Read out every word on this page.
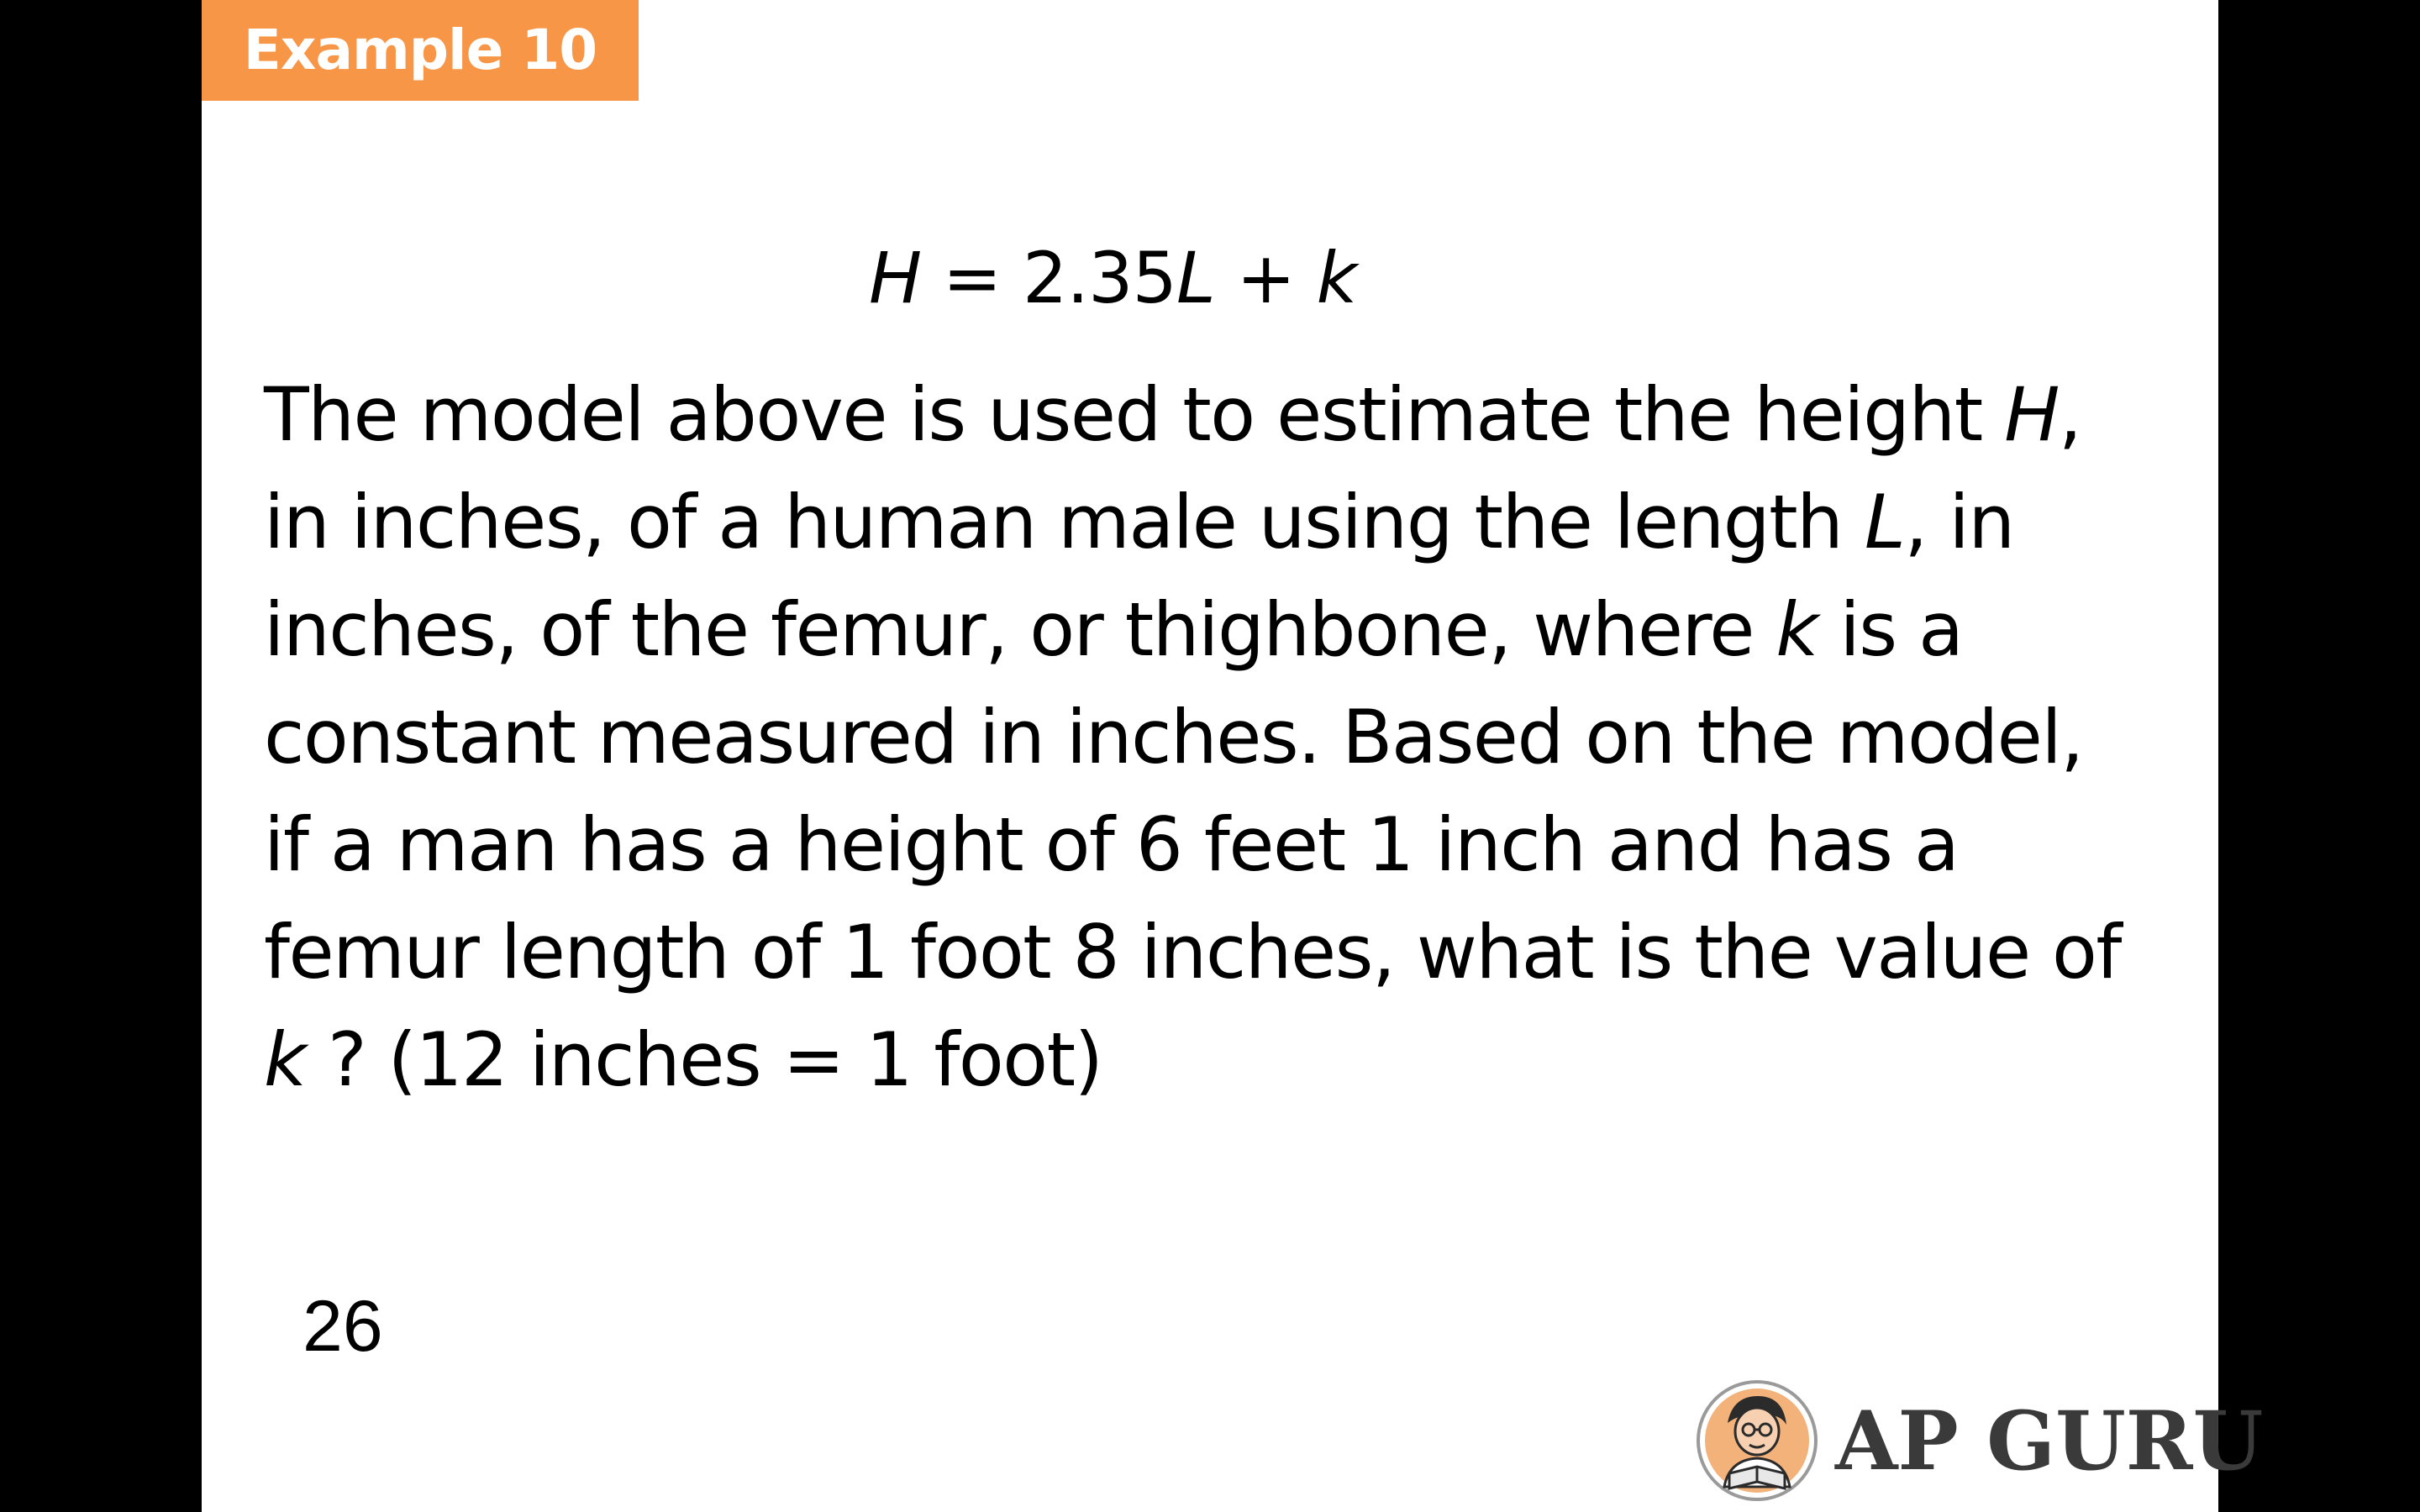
Example 10
H = 2.35L + k
The model above is used to estimate the height H,
in inches, of a human male using the length L, in
inches, of the femur, or thighbone, where k is a
constant measured in inches. Based on the model,
if a man has a height of 6 feet 1 inch and has a
femur length of 1 foot 8 inches, what is the value of
k ? (12 inches = 1 foot)
26
AP GURU
